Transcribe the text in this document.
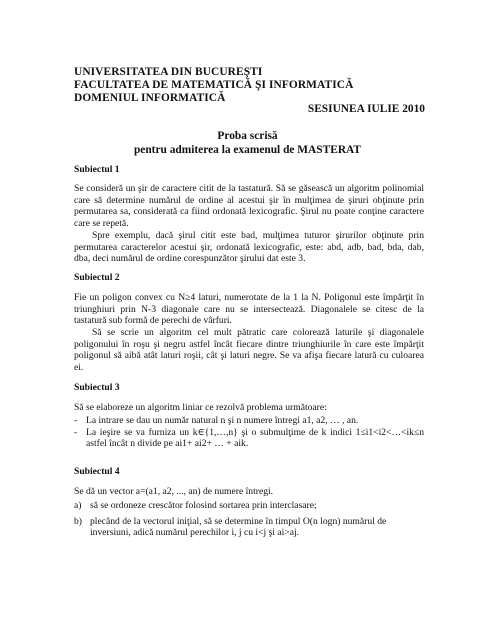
UNIVERSITATEA DIN BUCUREŞTI
FACULTATEA DE MATEMATICĂ ŞI INFORMATICĂ
DOMENIUL INFORMATICĂ
SESIUNEA IULIE 2010
Proba scrisă
pentru admiterea la examenul de MASTERAT
Subiectul 1
Se consideră un şir de caractere citit de la tastatură. Să se găsească un algoritm polinomial care să determine numărul de ordine al acestui şir în mulţimea de şiruri obţinute prin permutarea sa, considerată ca fiind ordonată lexicografic. Şirul nu poate conţine caractere care se repetă.
Spre exemplu, dacă şirul citit este bad, mulţimea tuturor şirurilor obţinute prin permutarea caracterelor acestui şir, ordonată lexicografic, este: abd, adb, bad, bda, dab, dba, deci numărul de ordine corespunzător şirului dat este 3.
Subiectul 2
Fie un poligon convex cu N≥4 laturi, numerotate de la 1 la N. Poligonul este împărţit în triunghiuri prin N-3 diagonale care nu se intersectează. Diagonalele se citesc de la tastatură sub formă de perechi de vârfuri.
Să se scrie un algoritm cel mult pătratic care colorează laturile şi diagonalele poligonului în roşu şi negru astfel încât fiecare dintre triunghiurile în care este împărţit poligonul să aibă atât laturi roşii, cât şi laturi negre. Se va afişa fiecare latură cu culoarea ei.
Subiectul 3
Să se elaboreze un algoritm liniar ce rezolvă problema următoare:
- La intrare se dau un număr natural n şi n numere întregi a1, a2, … , an.
- La ieşire se va furniza un k∈{1,…,n} şi o submulţime de k indici 1≤i1<i2<…<ik≤n astfel încât n divide pe ai1+ ai2+ … + aik.
Subiectul 4
Se dă un vector a=(a1, a2, ..., an) de numere întregi.
a) să se ordoneze crescător folosind sortarea prin interclasare;
b) plecând de la vectorul iniţial, să se determine în timpul O(n logn) numărul de inversiuni, adică numărul perechilor i, j cu i<j şi ai>aj.
